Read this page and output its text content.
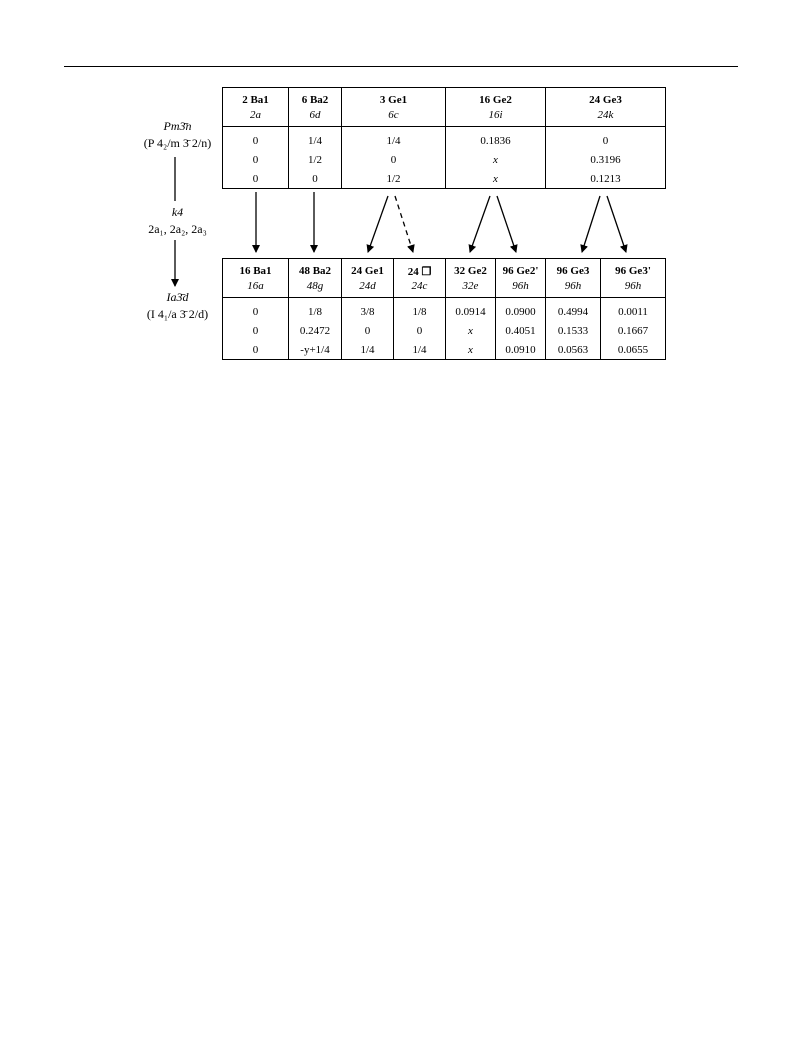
Pm3̄n
(P 4₂/m 3̄ 2/n)
k4
2a₁, 2a₂, 2a₃
Ia3̄d
(I 4₁/a 3̄ 2/d)
2 Ba1	6 Ba2	3 Ge1	16 Ge2	24 Ge3
2a	6d	6c	16i	24k
0	1/4	1/4	0.1836	0
0	1/2	0	x	0.3196
0	0	1/2	x	0.1213
16 Ba1	48 Ba2	24 Ge1	24 ❐	32 Ge2	96 Ge2'	96 Ge3	96 Ge3'
16a	48g	24d	24c	32e	96h	96h	96h
0	1/8	3/8	1/8	0.0914	0.0900	0.4994	0.0011
0	0.2472	0	0	x	0.4051	0.1533	0.1667
0	-y+1/4	1/4	1/4	x	0.0910	0.0563	0.0655
